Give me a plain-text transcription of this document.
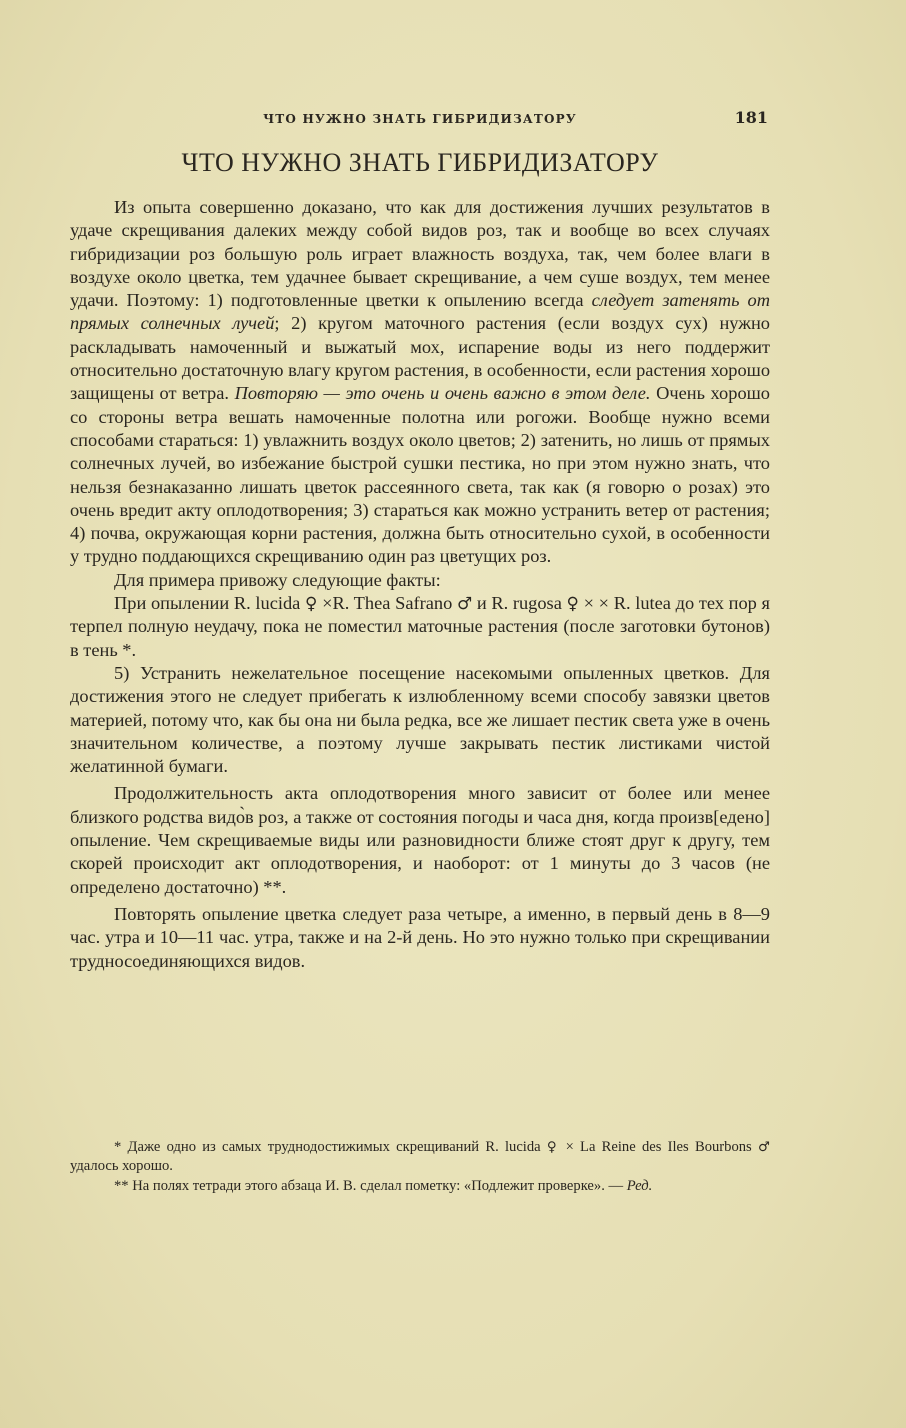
ЧТО НУЖНО ЗНАТЬ ГИБРИДИЗАТОРУ	181
ЧТО НУЖНО ЗНАТЬ ГИБРИДИЗАТОРУ

Из опыта совершенно доказано, что как для достижения лучших результатов в удаче скрещивания далеких между собой видов роз, так и вообще во всех случаях гибридизации роз большую роль играет влажность воздуха, так, чем более влаги в воздухе около цветка, тем удачнее бывает скрещивание, а чем суше воздух, тем менее удачи. Поэтому: 1) подготовленные цветки к опылению всегда следует затенять от прямых солнечных лучей; 2) кругом маточного растения (если воздух сух) нужно раскладывать намоченный и выжатый мох, испарение воды из него поддержит относительно достаточную влагу кругом растения, в особенности, если растения хорошо защищены от ветра. Повторяю — это очень и очень важно в этом деле. Очень хорошо со стороны ветра вешать намоченные полотна или рогожи. Вообще нужно всеми способами стараться: 1) увлажнить воздух около цветов; 2) затенить, но лишь от прямых солнечных лучей, во избежание быстрой сушки пестика, но при этом нужно знать, что нельзя безнаказанно лишать цветок рассеянного света, так как (я говорю о розах) это очень вредит акту оплодотворения; 3) стараться как можно устранить ветер от растения; 4) почва, окружающая корни растения, должна быть относительно сухой, в особенности у трудно поддающихся скрещиванию один раз цветущих роз.

Для примера привожу следующие факты:

При опылении R. lucida ♀ ×R. Thea Safrano ♂ и R. rugosa ♀ × × R. lutea до тех пор я терпел полную неудачу, пока не поместил маточные растения (после заготовки бутонов) в тень *.

5) Устранить нежелательное посещение насекомыми опыленных цветков. Для достижения этого не следует прибегать к излюбленному всеми способу завязки цветов материей, потому что, как бы она ни была редка, все же лишает пестик света уже в очень значительном количестве, а поэтому лучше закрывать пестик листиками чистой желатинной бумаги.

Продолжительность акта оплодотворения много зависит от более или менее близкого родства видо̀в роз, а также от состояния погоды и часа дня, когда произв[едено] опыление. Чем скрещиваемые виды или разновидности ближе стоят друг к другу, тем скорей происходит акт оплодотворения, и наоборот: от 1 минуты до 3 часов (не определено достаточно) **.

Повторять опыление цветка следует раза четыре, а именно, в первый день в 8—9 час. утра и 10—11 час. утра, также и на 2-й день. Но это нужно только при скрещивании трудносоединяющихся видов.

* Даже одно из самых труднодостижимых скрещиваний R. lucida ♀ × La Reine des Iles Bourbons ♂ удалось хорошо.

** На полях тетради этого абзаца И. В. сделал пометку: «Подлежит проверке». — Ред.
